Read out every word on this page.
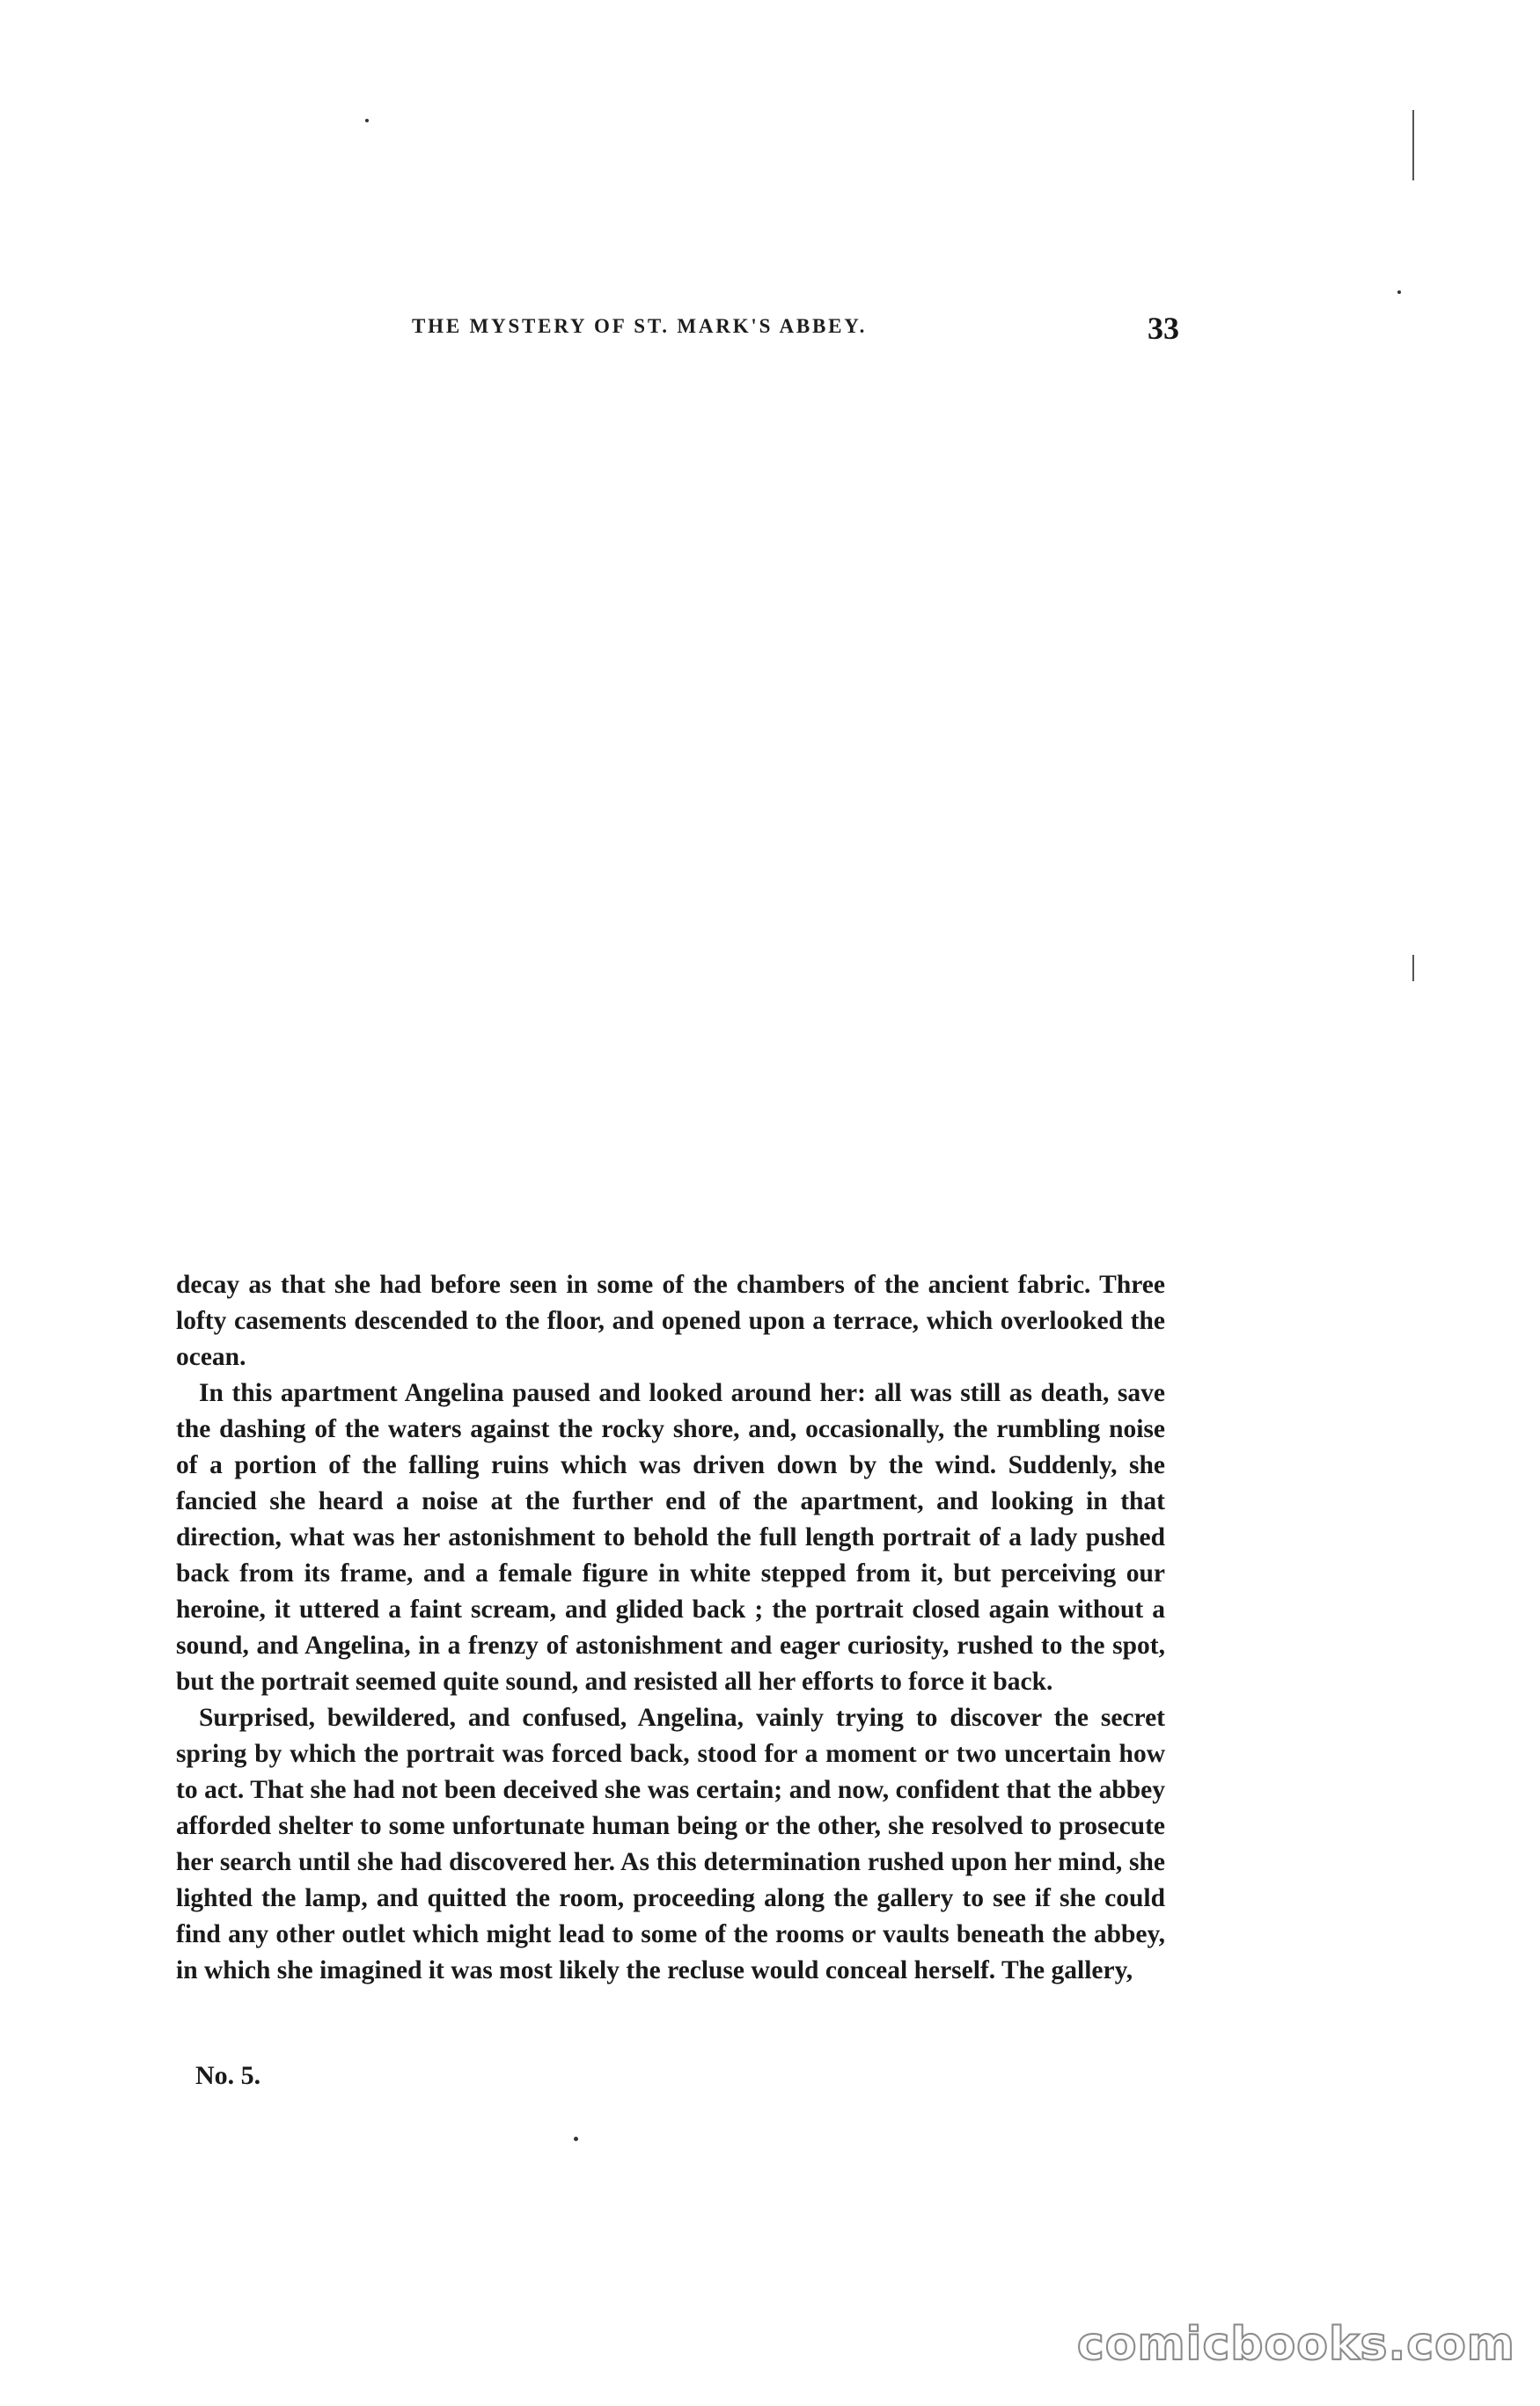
THE MYSTERY OF ST. MARK'S ABBEY.	33

decay as that she had before seen in some of the chambers of the ancient fabric. Three lofty casements descended to the floor, and opened upon a terrace, which overlooked the ocean.

In this apartment Angelina paused and looked around her: all was still as death, save the dashing of the waters against the rocky shore, and, occasionally, the rumbling noise of a portion of the falling ruins which was driven down by the wind. Suddenly, she fancied she heard a noise at the further end of the apartment, and looking in that direction, what was her astonishment to behold the full length portrait of a lady pushed back from its frame, and a female figure in white stepped from it, but perceiving our heroine, it uttered a faint scream, and glided back ; the portrait closed again without a sound, and Angelina, in a frenzy of astonishment and eager curiosity, rushed to the spot, but the portrait seemed quite sound, and resisted all her efforts to force it back.

Surprised, bewildered, and confused, Angelina, vainly trying to discover the secret spring by which the portrait was forced back, stood for a moment or two uncertain how to act. That she had not been deceived she was certain; and now, confident that the abbey afforded shelter to some unfortunate human being or the other, she resolved to prosecute her search until she had discovered her. As this determination rushed upon her mind, she lighted the lamp, and quitted the room, proceeding along the gallery to see if she could find any other outlet which might lead to some of the rooms or vaults beneath the abbey, in which she imagined it was most likely the recluse would conceal herself. The gallery,

No. 5.
comicbooks.com
